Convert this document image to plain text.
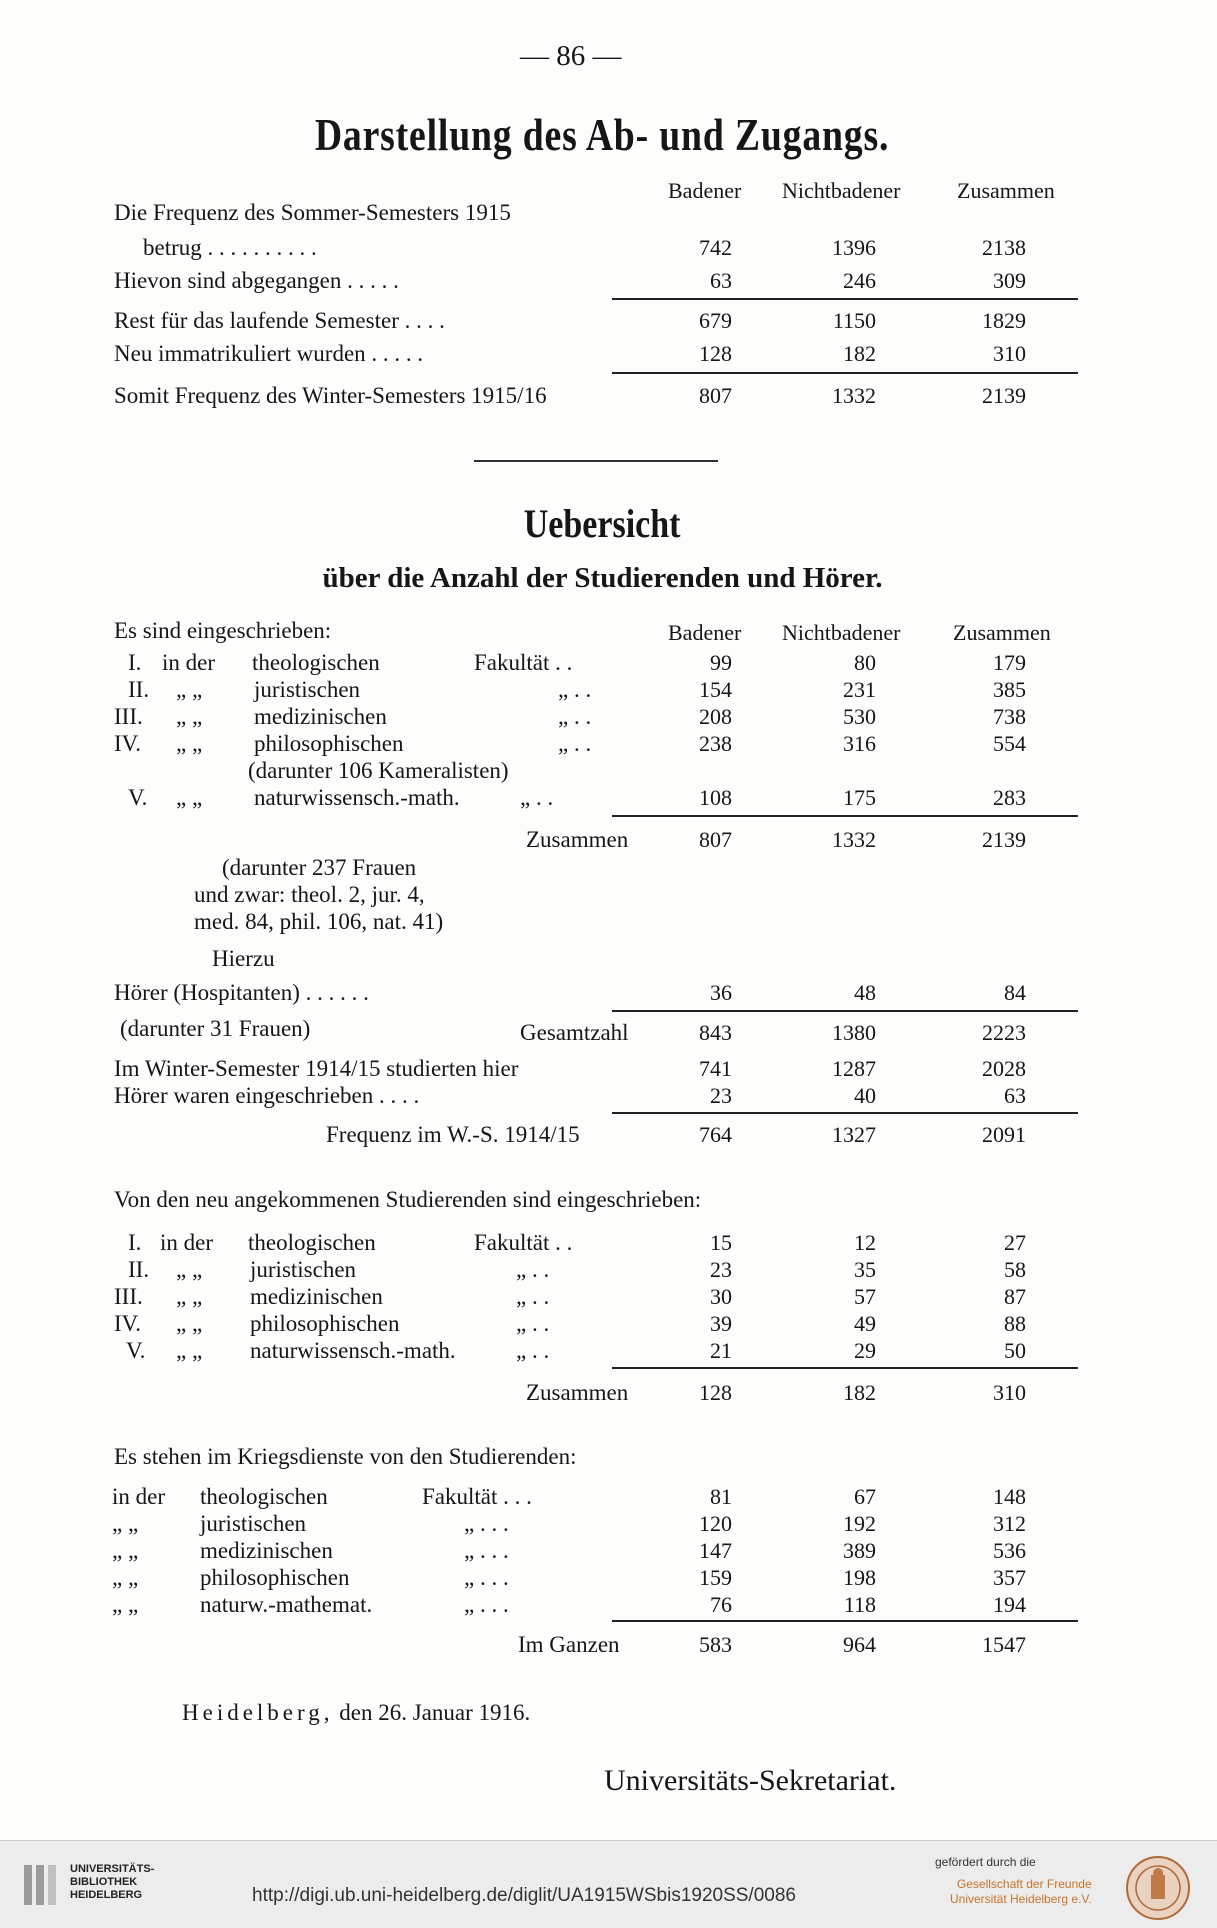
— 86 —
Darstellung des Ab- und Zugangs.
Badener Nichtbadener	Zusammen
Die Frequenz des Sommer-Semesters 1915
betrug . . . . . . . . . .	742	1396	2138
Hievon sind abgegangen . . . . .	63	246	309
Rest für das laufende Semester . . . .	679	1150	1829
Neu immatrikuliert wurden . . . . .	128	182	310
Somit Frequenz des Winter-Semesters 1915/16	807	1332	2139
Uebersicht
über die Anzahl der Studierenden und Hörer.
Es sind eingeschrieben:	Badener Nichtbadener Zusammen
I. in der theologischen	Fakultät . .	99	80	179
II. „ „ juristischen	„ . .	154	231	385
III. „ „ medizinischen	„ . .	208	530	738
IV. „ „ philosophischen	„ . .	238	316	554
(darunter 106 Kameralisten)
V. „ „ naturwissensch.-math.	„ . .	108	175	283
Zusammen	807	1332	2139
(darunter 237 Frauen
und zwar: theol. 2, jur. 4,
med. 84, phil. 106, nat. 41)
Hierzu
Hörer (Hospitanten) . . . . . .	36	48	84
(darunter 31 Frauen)	Gesamtzahl	843	1380	2223
Im Winter-Semester 1914/15 studierten hier	741	1287	2028
Hörer waren eingeschrieben . . . .	23	40	63
Frequenz im W.-S. 1914/15	764	1327	2091
Von den neu angekommenen Studierenden sind eingeschrieben:
I. in der theologischen	Fakultät . .	15	12	27
II. „ „ juristischen	„ . .	23	35	58
III. „ „ medizinischen	„ . .	30	57	87
IV. „ „ philosophischen	„ . .	39	49	88
V. „ „ naturwissensch.-math.	„ . .	21	29	50
Zusammen	128	182	310
Es stehen im Kriegsdienste von den Studierenden:
in der theologischen	Fakultät . . .	81	67	148
„ „	juristischen	„ . . .	120	192	312
„ „	medizinischen	„ . . .	147	389	536
„ „	philosophischen	„ . . .	159	198	357
„ „	naturw.-mathemat.	„ . . .	76	118	194
Im Ganzen	583	964	1547
Heidelberg, den 26. Januar 1916.
Universitäts-Sekretariat.
UNIVERSITÄTS-
BIBLIOTHEK
HEIDELBERG	http://digi.ub.uni-heidelberg.de/diglit/UA1915WSbis1920SS/0086
gefördert durch die
Gesellschaft der Freunde
Universität Heidelberg e.V.
